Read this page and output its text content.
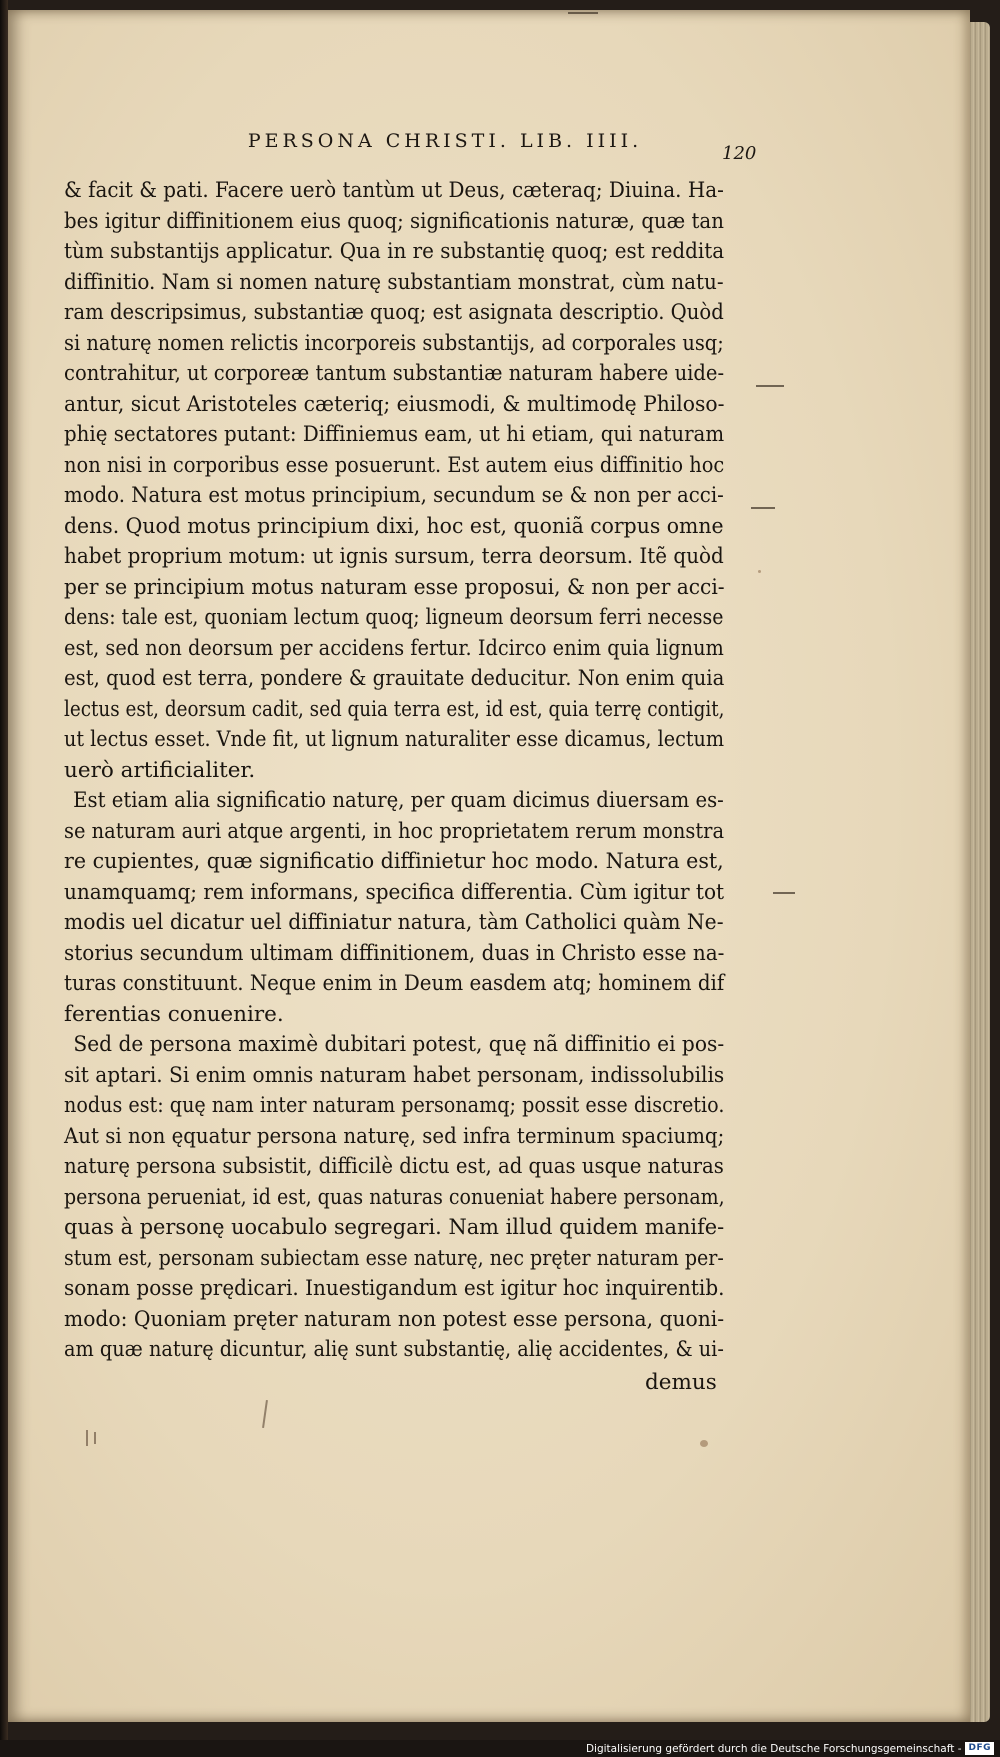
PERSONA CHRISTI. LIB. IIII.
120
& facit & pati. Facere uerò tantùm ut Deus, cæteraq; Diuina. Ha-
bes igitur diffinitionem eius quoq; significationis naturæ, quæ tan
tùm substantijs applicatur. Qua in re substantię quoq; est reddita
diffinitio. Nam si nomen naturę substantiam monstrat, cùm natu-
ram descripsimus, substantiæ quoq; est asignata descriptio. Quòd
si naturę nomen relictis incorporeis substantijs, ad corporales usq;
contrahitur, ut corporeæ tantum substantiæ naturam habere uide-
antur, sicut Aristoteles cæteriq; eiusmodi, & multimodę Philoso-
phię sectatores putant: Diffiniemus eam, ut hi etiam, qui naturam
non nisi in corporibus esse posuerunt. Est autem eius diffinitio hoc
modo. Natura est motus principium, secundum se & non per acci-
dens. Quod motus principium dixi, hoc est, quoniã corpus omne
habet proprium motum: ut ignis sursum, terra deorsum. Itẽ quòd
per se principium motus naturam esse proposui, & non per acci-
dens: tale est, quoniam lectum quoq; ligneum deorsum ferri necesse
est, sed non deorsum per accidens fertur. Idcirco enim quia lignum
est, quod est terra, pondere & grauitate deducitur. Non enim quia
lectus est, deorsum cadit, sed quia terra est, id est, quia terrę contigit,
ut lectus esset. Vnde fit, ut lignum naturaliter esse dicamus, lectum
uerò artificialiter.
Est etiam alia significatio naturę, per quam dicimus diuersam es-
se naturam auri atque argenti, in hoc proprietatem rerum monstra
re cupientes, quæ significatio diffinietur hoc modo. Natura est,
unamquamq; rem informans, specifica differentia. Cùm igitur tot
modis uel dicatur uel diffiniatur natura, tàm Catholici quàm Ne-
storius secundum ultimam diffinitionem, duas in Christo esse na-
turas constituunt. Neque enim in Deum easdem atq; hominem dif
ferentias conuenire.
Sed de persona maximè dubitari potest, quę nã diffinitio ei pos-
sit aptari. Si enim omnis naturam habet personam, indissolubilis
nodus est: quę nam inter naturam personamq; possit esse discretio.
Aut si non ęquatur persona naturę, sed infra terminum spaciumq;
naturę persona subsistit, difficilè dictu est, ad quas usque naturas
persona perueniat, id est, quas naturas conueniat habere personam,
quas à personę uocabulo segregari. Nam illud quidem manife-
stum est, personam subiectam esse naturę, nec pręter naturam per-
sonam posse prędicari. Inuestigandum est igitur hoc inquirentib.
modo: Quoniam pręter naturam non potest esse persona, quoni-
am quæ naturę dicuntur, alię sunt substantię, alię accidentes, & ui-
demus
Digitalisierung gefördert durch die Deutsche Forschungsgemeinschaft - DFG
